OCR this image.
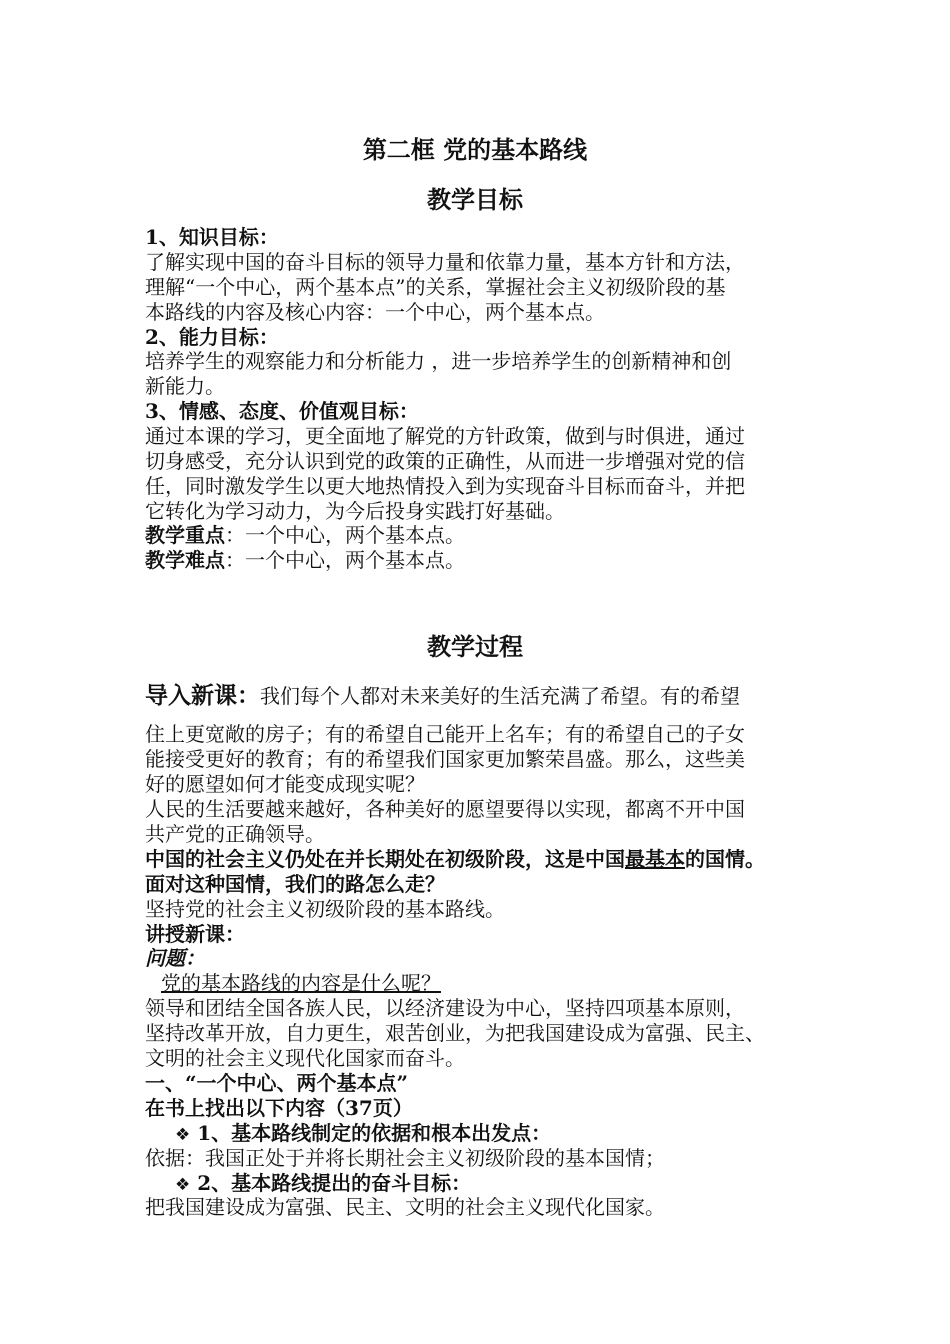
第二框 党的基本路线
教学目标
1、知识目标：
了解实现中国的奋斗目标的领导力量和依靠力量，基本方针和方法，
理解“一个中心，两个基本点”的关系，掌握社会主义初级阶段的基
本路线的内容及核心内容：一个中心，两个基本点。
2、能力目标：
培养学生的观察能力和分析能力 ，进一步培养学生的创新精神和创
新能力。
3、情感、态度、价值观目标：
通过本课的学习，更全面地了解党的方针政策，做到与时俱进，通过
切身感受，充分认识到党的政策的正确性，从而进一步增强对党的信
任，同时激发学生以更大地热情投入到为实现奋斗目标而奋斗，并把
它转化为学习动力，为今后投身实践打好基础。
教学重点：一个中心，两个基本点。
教学难点：一个中心，两个基本点。
教学过程
导入新课：我们每个人都对未来美好的生活充满了希望。有的希望
住上更宽敞的房子；有的希望自己能开上名车；有的希望自己的子女
能接受更好的教育；有的希望我们国家更加繁荣昌盛。那么，这些美
好的愿望如何才能变成现实呢？
人民的生活要越来越好，各种美好的愿望要得以实现，都离不开中国
共产党的正确领导。
中国的社会主义仍处在并长期处在初级阶段，这是中国最基本的国情。
面对这种国情，我们的路怎么走？
坚持党的社会主义初级阶段的基本路线。
讲授新课：
问题：
党的基本路线的内容是什么呢？
领导和团结全国各族人民，以经济建设为中心，坚持四项基本原则，
坚持改革开放，自力更生，艰苦创业，为把我国建设成为富强、民主、
文明的社会主义现代化国家而奋斗。
一、“一个中心、两个基本点”
在书上找出以下内容（37页）
❖ 1、基本路线制定的依据和根本出发点：
依据：我国正处于并将长期社会主义初级阶段的基本国情；
❖ 2、基本路线提出的奋斗目标：
把我国建设成为富强、民主、文明的社会主义现代化国家。
